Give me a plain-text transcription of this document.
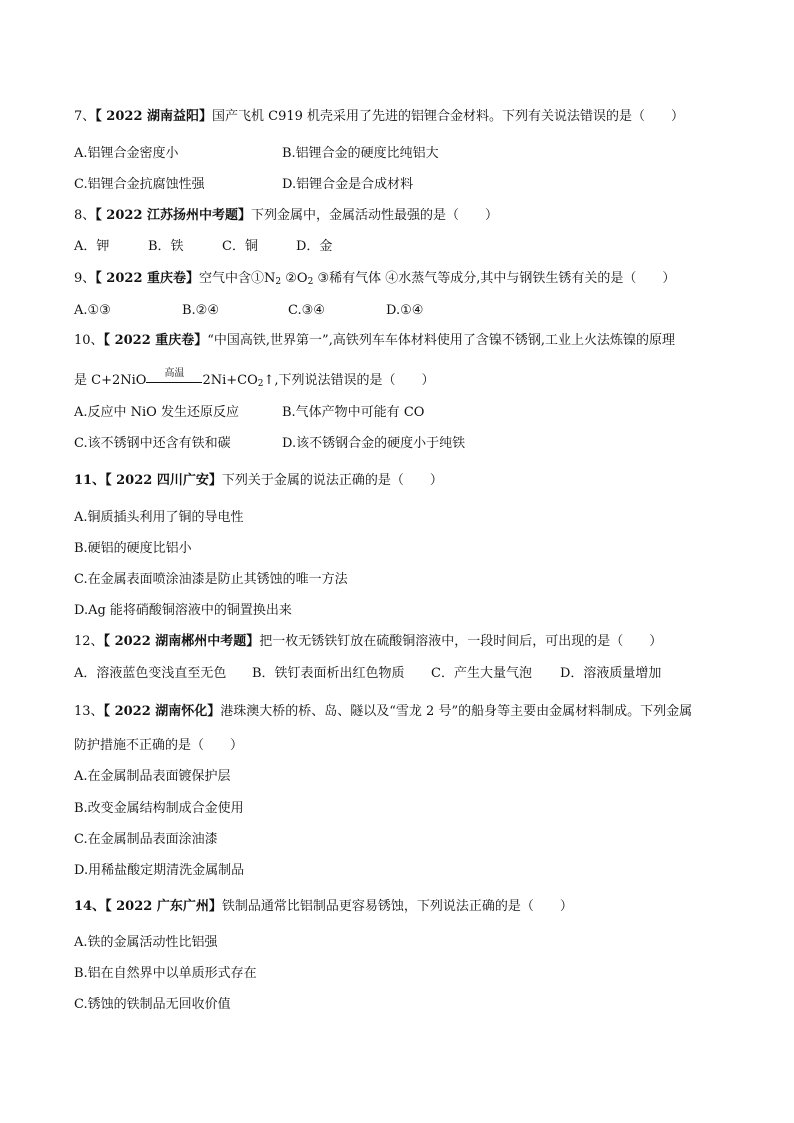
7、【 2022 湖南益阳】国产飞机 C919 机壳采用了先进的铝锂合金材料。下列有关说法错误的是（　　）
A.铝锂合金密度小	B.铝锂合金的硬度比纯铝大
C.铝锂合金抗腐蚀性强	D.铝锂合金是合成材料
8、【 2022 江苏扬州中考题】下列金属中，金属活动性最强的是（　　）
A．钾	B．铁	C．铜	D．金
9、【 2022 重庆卷】空气中含$①N_2$ $②O_2$ ③稀有气体 ④水蒸气等成分,其中与钢铁生锈有关的是（　　）
A.①③	B.②④	C.③④	D.①④
10、【 2022 重庆卷】“中国高铁,世界第一”,高铁列车车体材料使用了含镍不锈钢,工业上火法炼镍的原理
是 C+2NiO	高温	$2Ni+CO_2↑$,下列说法错误的是（　　）
A.反应中 NiO 发生还原反应	B.气体产物中可能有 CO
C.该不锈钢中还含有铁和碳	D.该不锈钢合金的硬度小于纯铁
11、【 2022 四川广安】下列关于金属的说法正确的是（　　）
A.铜质插头利用了铜的导电性
B.硬铝的硬度比铝小
C.在金属表面喷涂油漆是防止其锈蚀的唯一方法
D.Ag 能将硝酸铜溶液中的铜置换出来
12、【 2022 湖南郴州中考题】把一枚无锈铁钉放在硫酸铜溶液中，一段时间后，可出现的是（　　）
A．溶液蓝色变浅直至无色 B．铁钉表面析出红色物质 C．产生大量气泡 D．溶液质量增加
13、【 2022 湖南怀化】港珠澳大桥的桥、岛、隧以及“雪龙 2 号”的船身等主要由金属材料制成。下列金属
防护措施不正确的是（　　）
A.在金属制品表面镀保护层
B.改变金属结构制成合金使用
C.在金属制品表面涂油漆
D.用稀盐酸定期清洗金属制品
14、【 2022 广东广州】铁制品通常比铝制品更容易锈蚀，下列说法正确的是（　　）
A.铁的金属活动性比铝强
B.铝在自然界中以单质形式存在
C.锈蚀的铁制品无回收价值
